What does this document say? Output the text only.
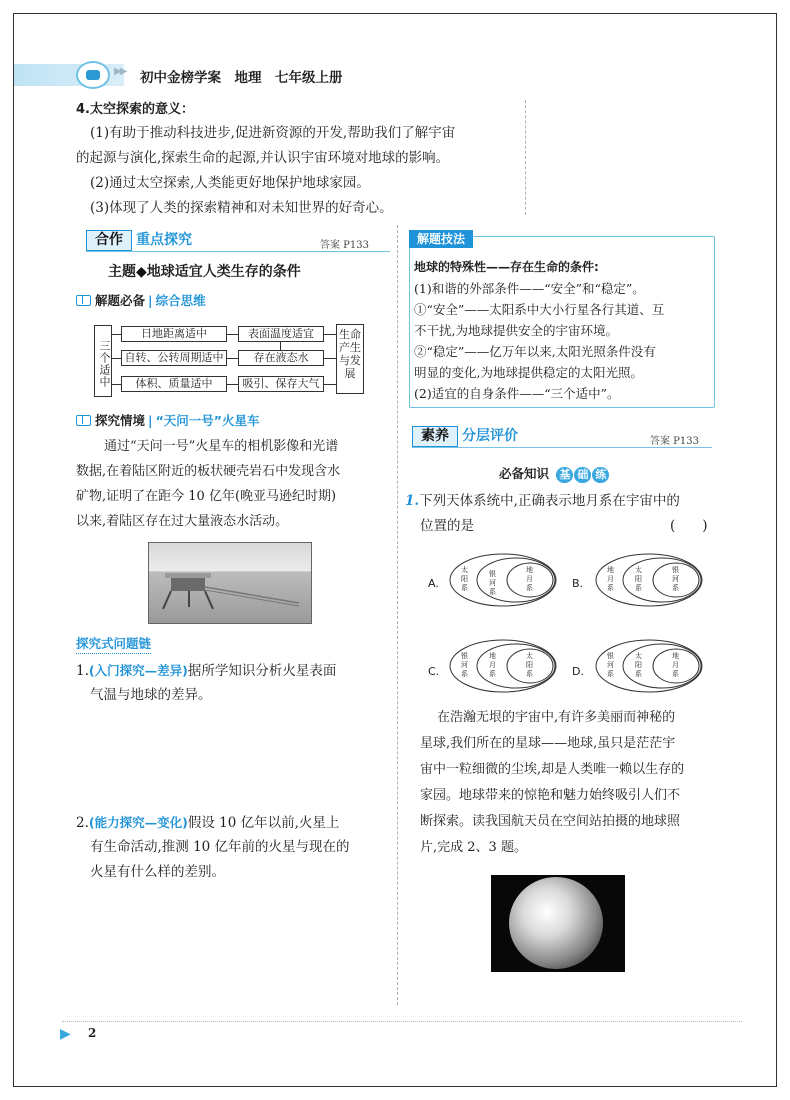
▶▶ 初中金榜学案　地理　七年级上册
4.太空探索的意义：
(1)有助于推动科技进步,促进新资源的开发,帮助我们了解宇宙
的起源与演化,探索生命的起源,并认识宇宙环境对地球的影响。
(2)通过太空探索,人类能更好地保护地球家园。
(3)体现了人类的探索精神和对未知世界的好奇心。
合作 重点探究	答案 P133
主题◆地球适宜人类生存的条件
解题必备 | 综合思维
三个适中
日地距离适中
自转、公转周期适中
体积、质量适中
表面温度适宜
存在液态水
吸引、保存大气
生命产生与发展
探究情境 | “天问一号”火星车
通过“天问一号”火星车的相机影像和光谱
数据,在着陆区附近的板状硬壳岩石中发现含水
矿物,证明了在距今 10 亿年(晚亚马逊纪时期)
以来,着陆区存在过大量液态水活动。
探究式问题链
1.(入门探究—差异)据所学知识分析火星表面
气温与地球的差异。
2.(能力探究—变化)假设 10 亿年以前,火星上
有生命活动,推测 10 亿年前的火星与现在的
火星有什么样的差别。
解题技法
地球的特殊性——存在生命的条件:
(1)和谐的外部条件——“安全”和“稳定”。
①“安全”——太阳系中大小行星各行其道、互
不干扰,为地球提供安全的宇宙环境。
②“稳定”——亿万年以来,太阳光照条件没有
明显的变化,为地球提供稳定的太阳光照。
(2)适宜的自身条件——“三个适中”。
素养 分层评价	答案 P133
必备知识 基 础 练
1.下列天体系统中,正确表示地月系在宇宙中的
位置的是	(　　)
A.
太阳系
银河系
地月系	B.
地月系
太阳系
银河系
C.
银河系
地月系
太阳系	D.
银河系
太阳系
地月系
在浩瀚无垠的宇宙中,有许多美丽而神秘的
星球,我们所在的星球——地球,虽只是茫茫宇
宙中一粒细微的尘埃,却是人类唯一赖以生存的
家园。地球带来的惊艳和魅力始终吸引人们不
断探索。读我国航天员在空间站拍摄的地球照
片,完成 2、3 题。
▶ 2
